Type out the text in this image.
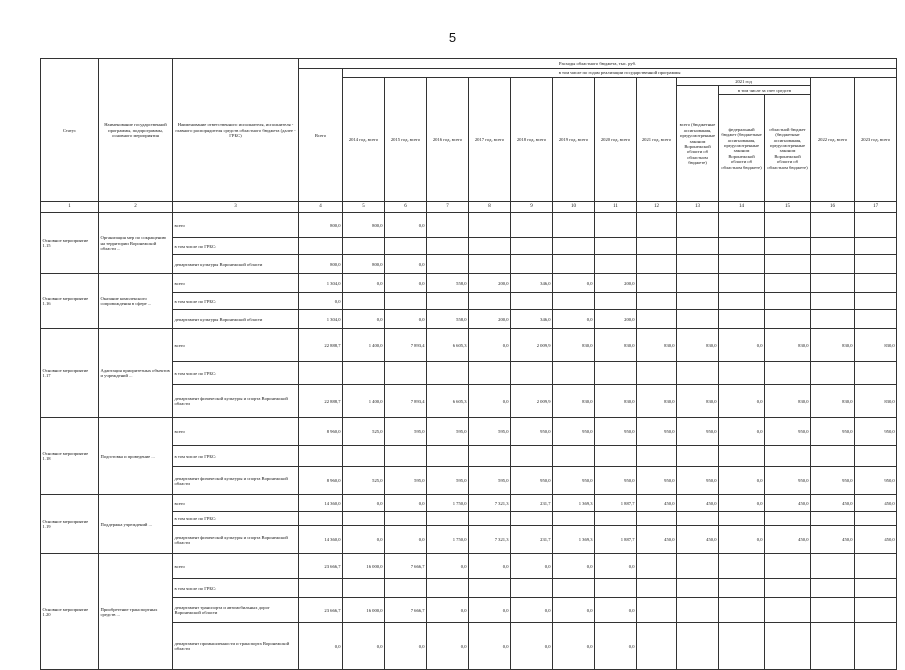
5
Статус	Наименование государственной программы, подпрограммы, основного мероприятия	Наименование ответственного исполнителя, исполнителя - главного распорядителя средств областного бюджета (далее - ГРБС)	Расходы областного бюджета, тыс. руб.													
			Всего	в том числе по годам реализации государственной программы												
				2014 год, всего	2015 год, всего	2016 год, всего	2017 год, всего	2018 год, всего	2019 год, всего	2020 год, всего	2021 год, всего	2021 год			2022 год, всего	2023 год, всего
												всего (бюджетные ассигнования, предусмотренные законом Воронежской области об областном бюджете)	в том числе за счет средств			
													федеральный бюджет (бюджетные ассигнования, предусмотренные законом Воронежской области об областном бюджете)	областной бюджет (бюджетные ассигнования, предусмотренные законом Воронежской области об областном бюджете)		
1	2	3	4	5	6	7	8	9	10	11	12	13	14	15	16	17
Основное мероприятие 1.15	Организация мер по сокращению на территории Воронежской области ...	всего	800,0	800,0	0,0											
		в том числе по ГРБС:														
		департамент культуры Воронежской области	800,0	800,0	0,0											
Основное мероприятие 1.16	Оказание комплексного сопровождения в сфере ...	всего	1 304,0	0,0	0,0	558,0	200,0	346,0	0,0	200,0						
		в том числе по ГРБС:	0,0													
		департамент культуры Воронежской области	1 304,0	0,0	0,0	558,0	200,0	346,0	0,0	200,0						
Основное мероприятие 1.17	Адаптация приоритетных объектов и учреждений ...	всего	22 888,7	1 400,0	7 893,4	6 605,3	0,0	2 009,9	830,0	830,0	830,0	830,0	0,0	830,0	830,0	830,0
		в том числе по ГРБС:														
		департамент физической культуры и спорта Воронежской области	22 888,7	1 400,0	7 893,4	6 605,3	0,0	2 009,9	830,0	830,0	830,0	830,0	0,0	830,0	830,0	830,0
Основное мероприятие 1.18	Подготовка и проведение ...	всего	8 960,0	525,0	595,0	595,0	595,0	950,0	950,0	950,0	950,0	950,0	0,0	950,0	950,0	950,0
		в том числе по ГРБС:														
		департамент физической культуры и спорта Воронежской области	8 960,0	525,0	595,0	595,0	595,0	950,0	950,0	950,0	950,0	950,0	0,0	950,0	950,0	950,0
Основное мероприятие 1.19	Поддержка учреждений ...	всего	14 360,0	0,0	0,0	1 750,0	7 321,3	231,7	1 369,3	1 887,7	450,0	450,0	0,0	450,0	450,0	450,0
		в том числе по ГРБС:														
		департамент физической культуры и спорта Воронежской области	14 360,0	0,0	0,0	1 750,0	7 321,3	231,7	1 369,3	1 887,7	450,0	450,0	0,0	450,0	450,0	450,0
Основное мероприятие 1.20	Приобретение транспортных средств ...	всего	23 666,7	16 000,0	7 666,7	0,0	0,0	0,0	0,0	0,0						
		в том числе по ГРБС:														
		департамент транспорта и автомобильных дорог Воронежской области	23 666,7	16 000,0	7 666,7	0,0	0,0	0,0	0,0	0,0						
		департамент промышленности и транспорта Воронежской области	0,0	0,0	0,0	0,0	0,0	0,0	0,0	0,0						
